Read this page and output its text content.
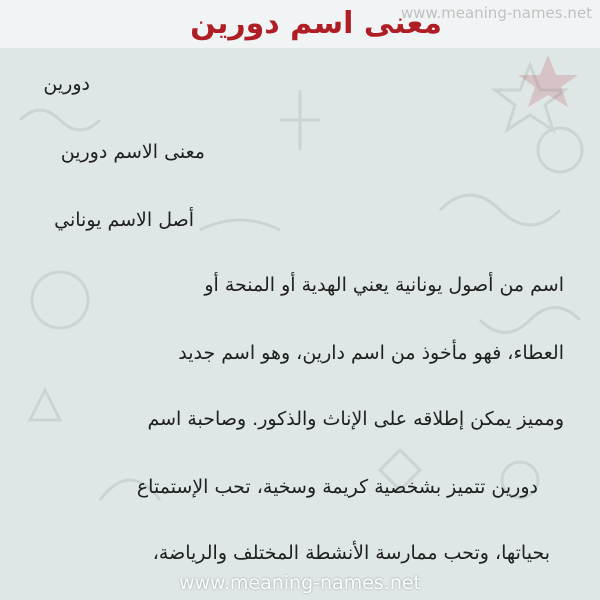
معنى اسم دورين
www.meaning-names.net
دورين
معنى الاسم دورين
أصل الاسم يوناني
اسم من أصول يونانية يعني الهدية أو المنحة أو
العطاء، فهو مأخوذ من اسم دارين، وهو اسم جديد
ومميز يمكن إطلاقه على الإناث والذكور. وصاحبة اسم
دورين تتميز بشخصية كريمة وسخية، تحب الإستمتاع
بحياتها، وتحب ممارسة الأنشطة المختلف والرياضة،
www.meaning-names.net
